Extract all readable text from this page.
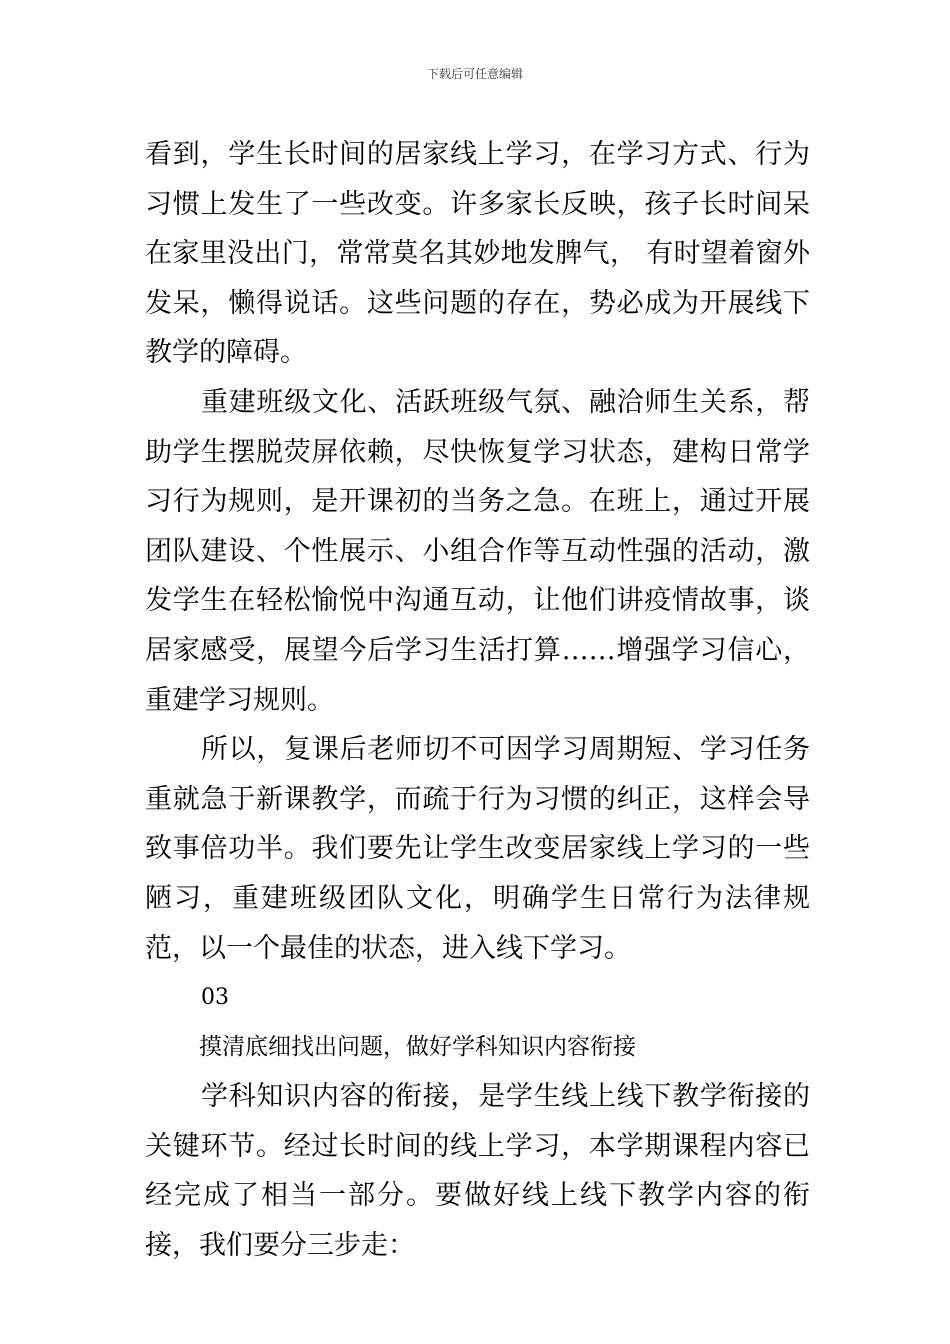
下载后可任意编辑

看到，学生长时间的居家线上学习，在学习方式、行为习惯上发生了一些改变。许多家长反映，孩子长时间呆在家里没出门，常常莫名其妙地发脾气， 有时望着窗外发呆，懒得说话。这些问题的存在，势必成为开展线下教学的障碍。

重建班级文化、活跃班级气氛、融洽师生关系，帮助学生摆脱荧屏依赖，尽快恢复学习状态，建构日常学习行为规则，是开课初的当务之急。在班上，通过开展团队建设、个性展示、小组合作等互动性强的活动，激发学生在轻松愉悦中沟通互动，让他们讲疫情故事，谈居家感受，展望今后学习生活打算……增强学习信心，重建学习规则。

所以，复课后老师切不可因学习周期短、学习任务重就急于新课教学，而疏于行为习惯的纠正，这样会导致事倍功半。我们要先让学生改变居家线上学习的一些陋习，重建班级团队文化，明确学生日常行为法律规范，以一个最佳的状态，进入线下学习。

03

摸清底细找出问题，做好学科知识内容衔接

学科知识内容的衔接，是学生线上线下教学衔接的关键环节。经过长时间的线上学习，本学期课程内容已经完成了相当一部分。要做好线上线下教学内容的衔接，我们要分三步走：
